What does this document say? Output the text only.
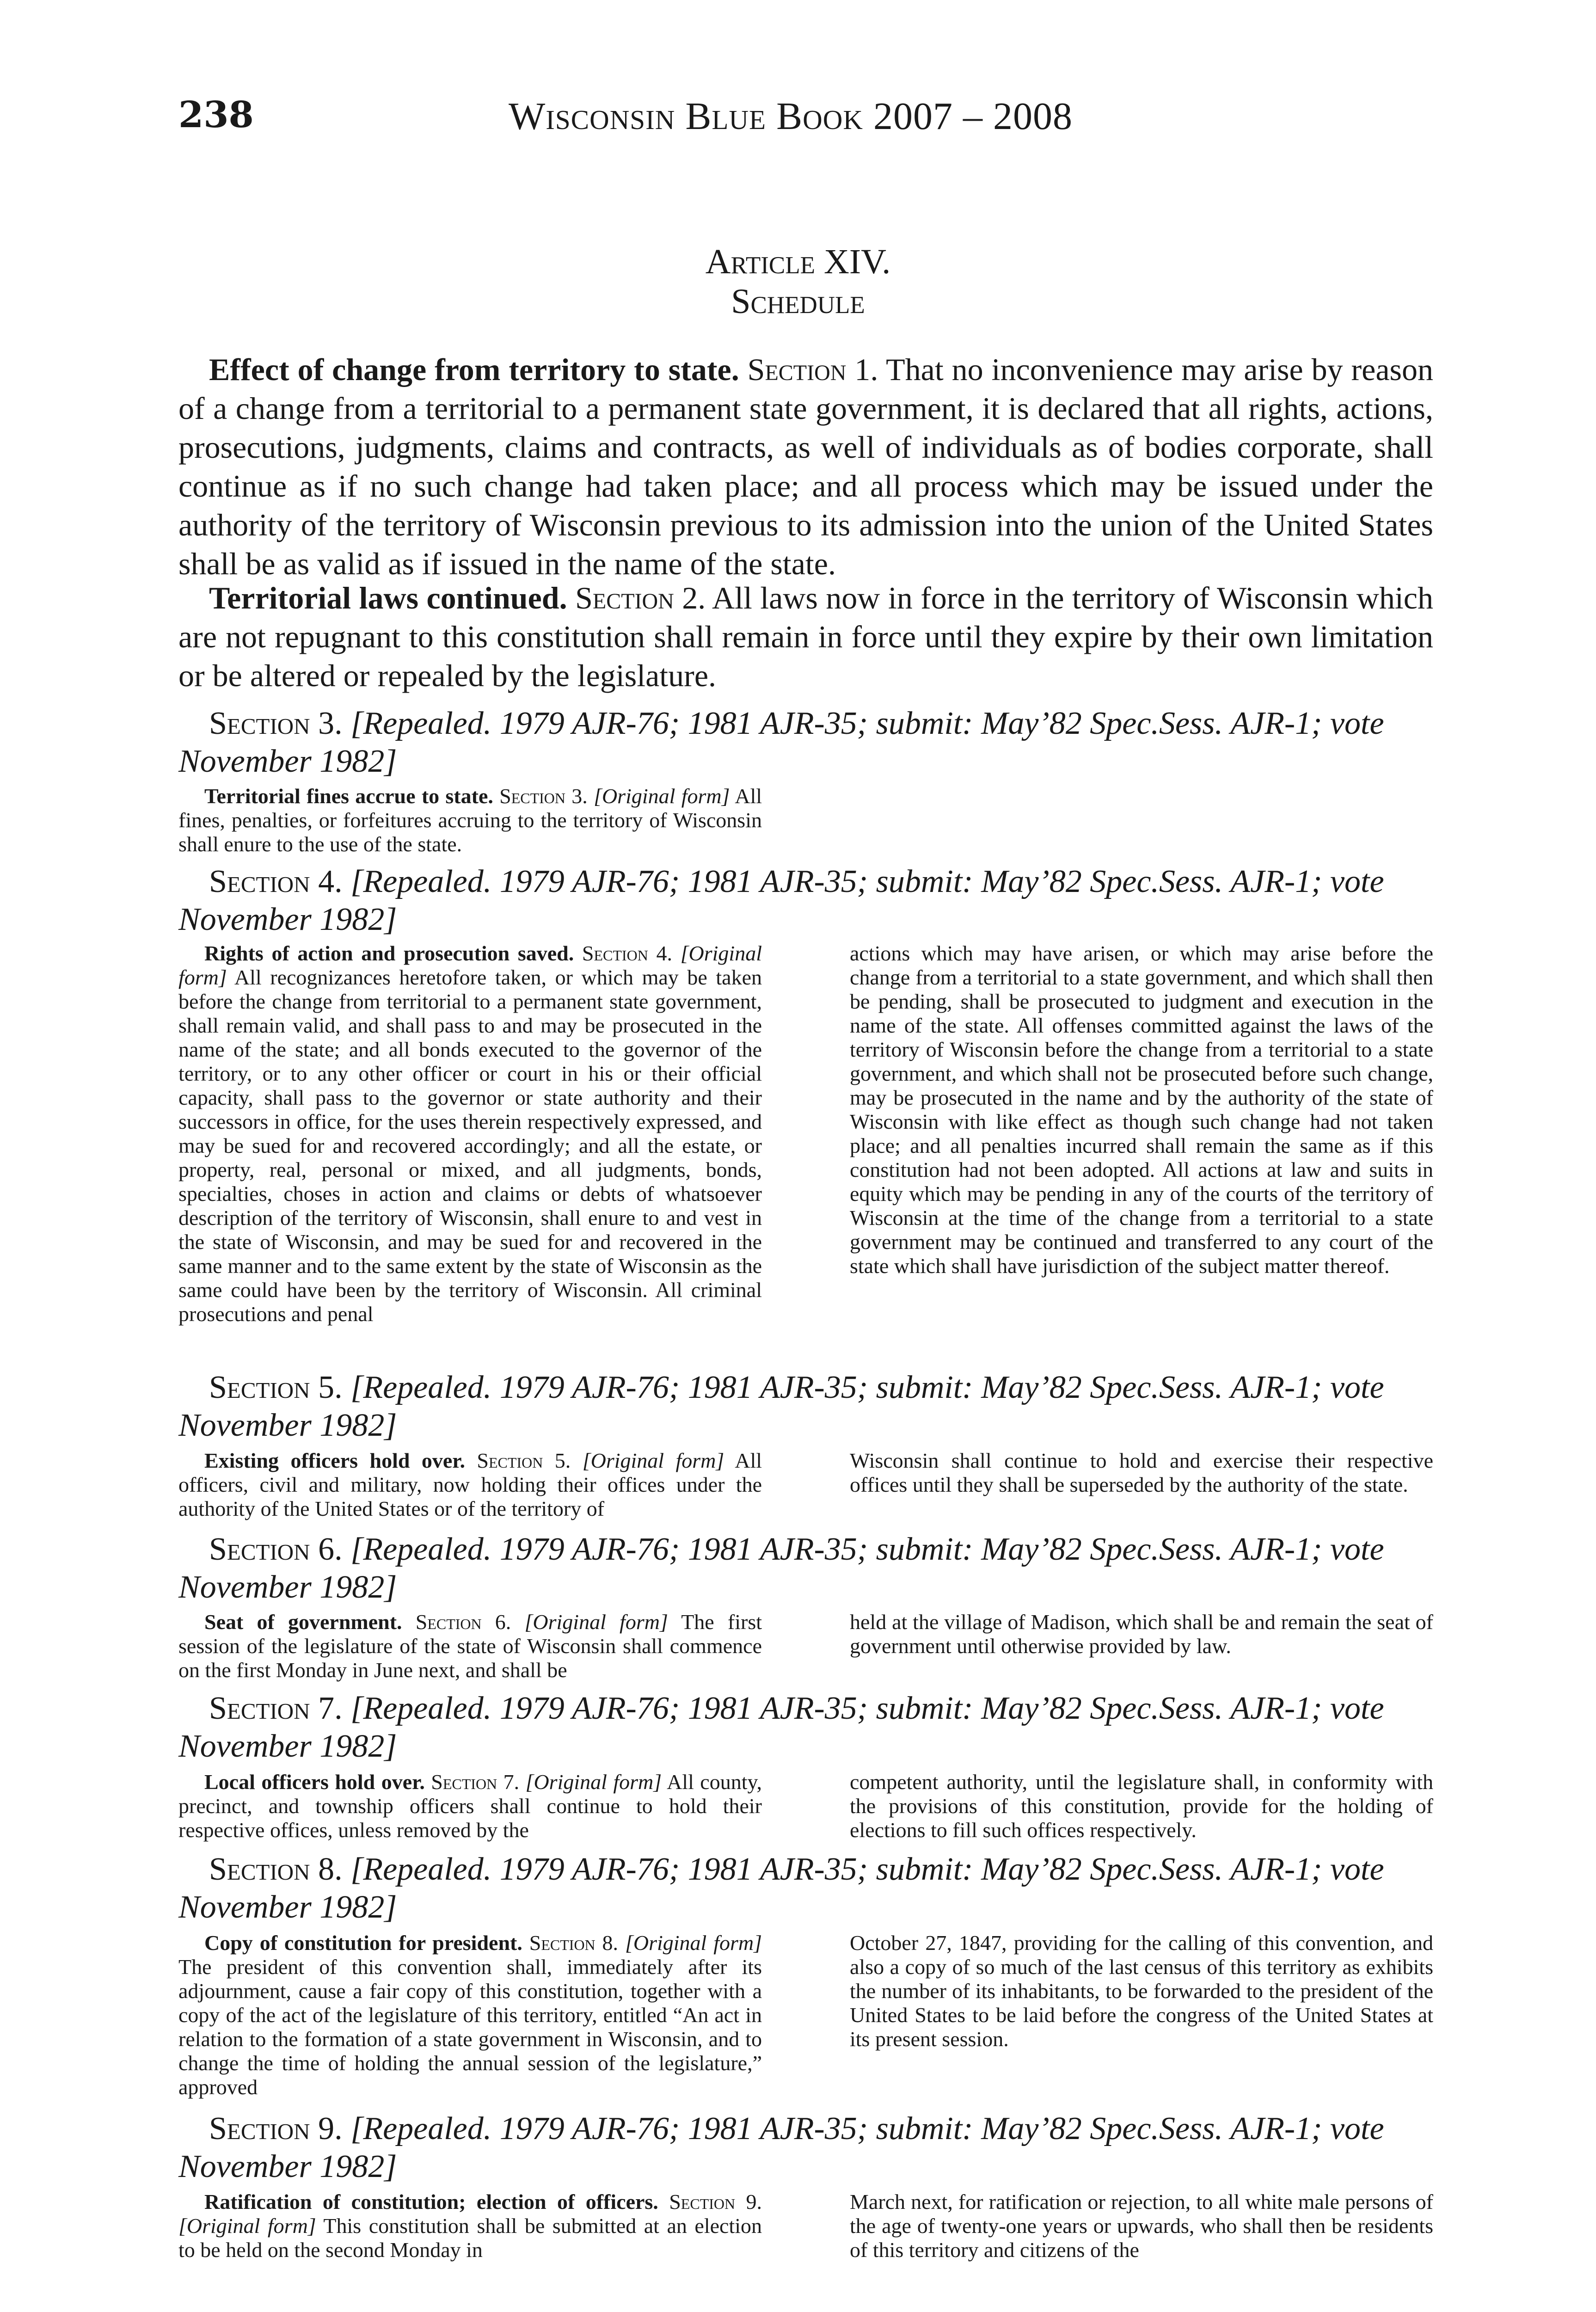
238	Wisconsin Blue Book 2007 – 2008
Article XIV.
Schedule
Effect of change from territory to state. Section 1. That no inconvenience may arise by reason of a change from a territorial to a permanent state government, it is declared that all rights, actions, prosecutions, judgments, claims and contracts, as well of individuals as of bodies corporate, shall continue as if no such change had taken place; and all process which may be issued under the authority of the territory of Wisconsin previous to its admission into the union of the United States shall be as valid as if issued in the name of the state.
Territorial laws continued. Section 2. All laws now in force in the territory of Wisconsin which are not repugnant to this constitution shall remain in force until they expire by their own limitation or be altered or repealed by the legislature.
Section 3. [Repealed. 1979 AJR-76; 1981 AJR-35; submit: May’82 Spec.Sess. AJR-1; vote November 1982]
Territorial fines accrue to state. Section 3. [Original form] All fines, penalties, or forfeitures accruing to the territory of Wisconsin shall enure to the use of the state.
Section 4. [Repealed. 1979 AJR-76; 1981 AJR-35; submit: May’82 Spec.Sess. AJR-1; vote November 1982]
Rights of action and prosecution saved. Section 4. [Original form] All recognizances heretofore taken, or which may be taken before the change from territorial to a permanent state government, shall remain valid, and shall pass to and may be prosecuted in the name of the state; and all bonds executed to the governor of the territory, or to any other officer or court in his or their official capacity, shall pass to the governor or state authority and their successors in office, for the uses therein respectively expressed, and may be sued for and recovered accordingly; and all the estate, or property, real, personal or mixed, and all judgments, bonds, specialties, choses in action and claims or debts of whatsoever description of the territory of Wisconsin, shall enure to and vest in the state of Wisconsin, and may be sued for and recovered in the same manner and to the same extent by the state of Wisconsin as the same could have been by the territory of Wisconsin. All criminal prosecutions and penal
actions which may have arisen, or which may arise before the change from a territorial to a state government, and which shall then be pending, shall be prosecuted to judgment and execution in the name of the state. All offenses committed against the laws of the territory of Wisconsin before the change from a territorial to a state government, and which shall not be prosecuted before such change, may be prosecuted in the name and by the authority of the state of Wisconsin with like effect as though such change had not taken place; and all penalties incurred shall remain the same as if this constitution had not been adopted. All actions at law and suits in equity which may be pending in any of the courts of the territory of Wisconsin at the time of the change from a territorial to a state government may be continued and transferred to any court of the state which shall have jurisdiction of the subject matter thereof.
Section 5. [Repealed. 1979 AJR-76; 1981 AJR-35; submit: May’82 Spec.Sess. AJR-1; vote November 1982]
Existing officers hold over. Section 5. [Original form] All officers, civil and military, now holding their offices under the authority of the United States or of the territory of
Wisconsin shall continue to hold and exercise their respective offices until they shall be superseded by the authority of the state.
Section 6. [Repealed. 1979 AJR-76; 1981 AJR-35; submit: May’82 Spec.Sess. AJR-1; vote November 1982]
Seat of government. Section 6. [Original form] The first session of the legislature of the state of Wisconsin shall commence on the first Monday in June next, and shall be
held at the village of Madison, which shall be and remain the seat of government until otherwise provided by law.
Section 7. [Repealed. 1979 AJR-76; 1981 AJR-35; submit: May’82 Spec.Sess. AJR-1; vote November 1982]
Local officers hold over. Section 7. [Original form] All county, precinct, and township officers shall continue to hold their respective offices, unless removed by the
competent authority, until the legislature shall, in conformity with the provisions of this constitution, provide for the holding of elections to fill such offices respectively.
Section 8. [Repealed. 1979 AJR-76; 1981 AJR-35; submit: May’82 Spec.Sess. AJR-1; vote November 1982]
Copy of constitution for president. Section 8. [Original form] The president of this convention shall, immediately after its adjournment, cause a fair copy of this constitution, together with a copy of the act of the legislature of this territory, entitled “An act in relation to the formation of a state government in Wisconsin, and to change the time of holding the annual session of the legislature,” approved
October 27, 1847, providing for the calling of this convention, and also a copy of so much of the last census of this territory as exhibits the number of its inhabitants, to be forwarded to the president of the United States to be laid before the congress of the United States at its present session.
Section 9. [Repealed. 1979 AJR-76; 1981 AJR-35; submit: May’82 Spec.Sess. AJR-1; vote November 1982]
Ratification of constitution; election of officers. Section 9. [Original form] This constitution shall be submitted at an election to be held on the second Monday in
March next, for ratification or rejection, to all white male persons of the age of twenty-one years or upwards, who shall then be residents of this territory and citizens of the
